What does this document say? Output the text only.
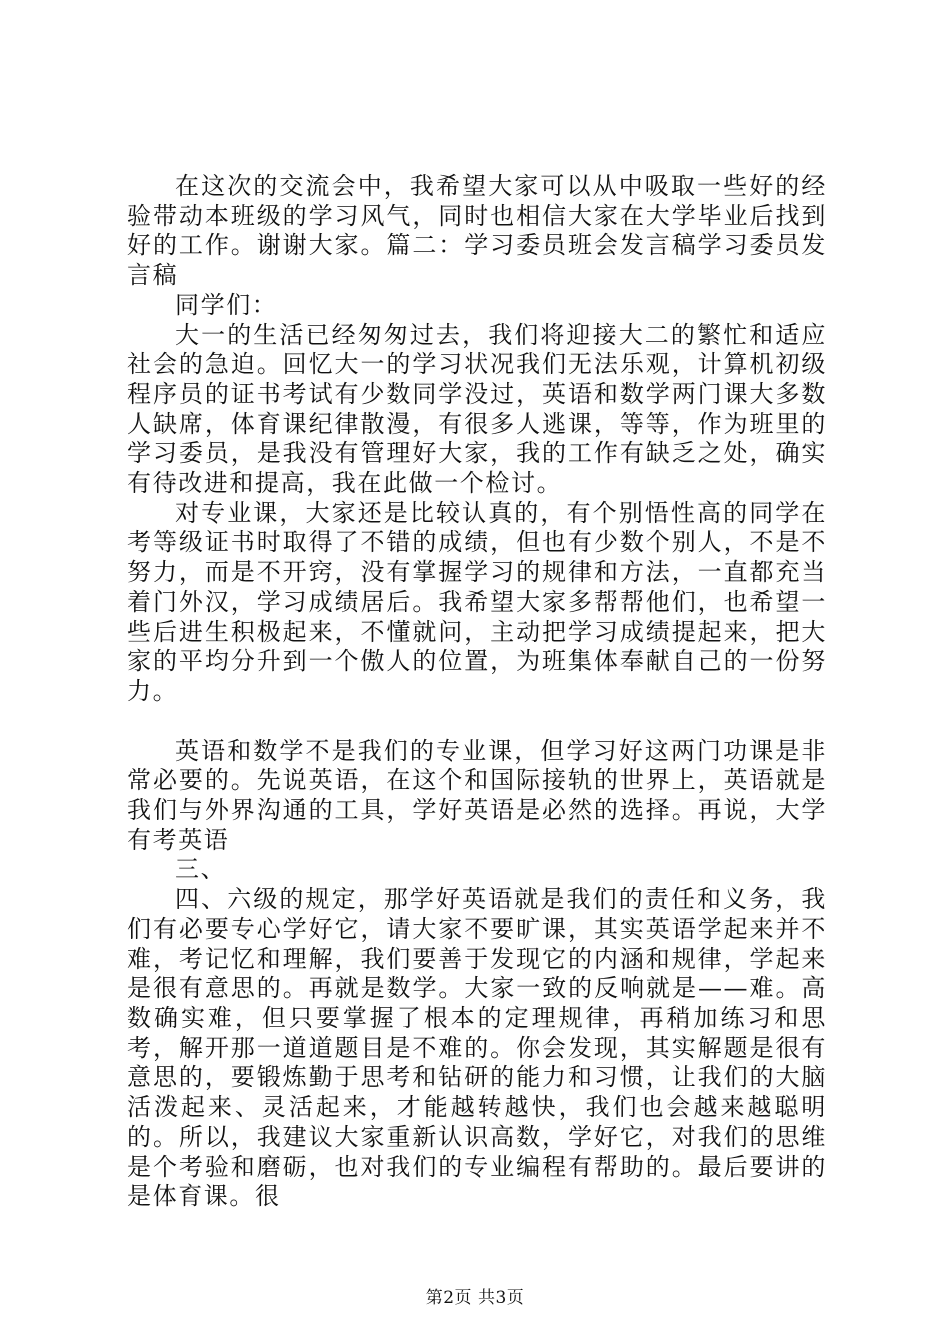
在这次的交流会中，我希望大家可以从中吸取一些好的经验带动本班级的学习风气，同时也相信大家在大学毕业后找到好的工作。谢谢大家。篇二：学习委员班会发言稿学习委员发言稿

同学们：

大一的生活已经匆匆过去，我们将迎接大二的繁忙和适应社会的急迫。回忆大一的学习状况我们无法乐观，计算机初级程序员的证书考试有少数同学没过，英语和数学两门课大多数人缺席，体育课纪律散漫，有很多人逃课，等等，作为班里的学习委员，是我没有管理好大家，我的工作有缺乏之处，确实有待改进和提高，我在此做一个检讨。

对专业课，大家还是比较认真的，有个别悟性高的同学在考等级证书时取得了不错的成绩，但也有少数个别人，不是不努力，而是不开窍，没有掌握学习的规律和方法，一直都充当着门外汉，学习成绩居后。我希望大家多帮帮他们，也希望一些后进生积极起来，不懂就问，主动把学习成绩提起来，把大家的平均分升到一个傲人的位置，为班集体奉献自己的一份努力。

英语和数学不是我们的专业课，但学习好这两门功课是非常必要的。先说英语，在这个和国际接轨的世界上，英语就是我们与外界沟通的工具，学好英语是必然的选择。再说，大学有考英语

三、

四、六级的规定，那学好英语就是我们的责任和义务，我们有必要专心学好它，请大家不要旷课，其实英语学起来并不难，考记忆和理解，我们要善于发现它的内涵和规律，学起来是很有意思的。再就是数学。大家一致的反响就是——难。高数确实难，但只要掌握了根本的定理规律，再稍加练习和思考，解开那一道道题目是不难的。你会发现，其实解题是很有意思的，要锻炼勤于思考和钻研的能力和习惯，让我们的大脑活泼起来、灵活起来，才能越转越快，我们也会越来越聪明的。所以，我建议大家重新认识高数，学好它，对我们的思维是个考验和磨砺，也对我们的专业编程有帮助的。最后要讲的是体育课。很

第2页 共3页
